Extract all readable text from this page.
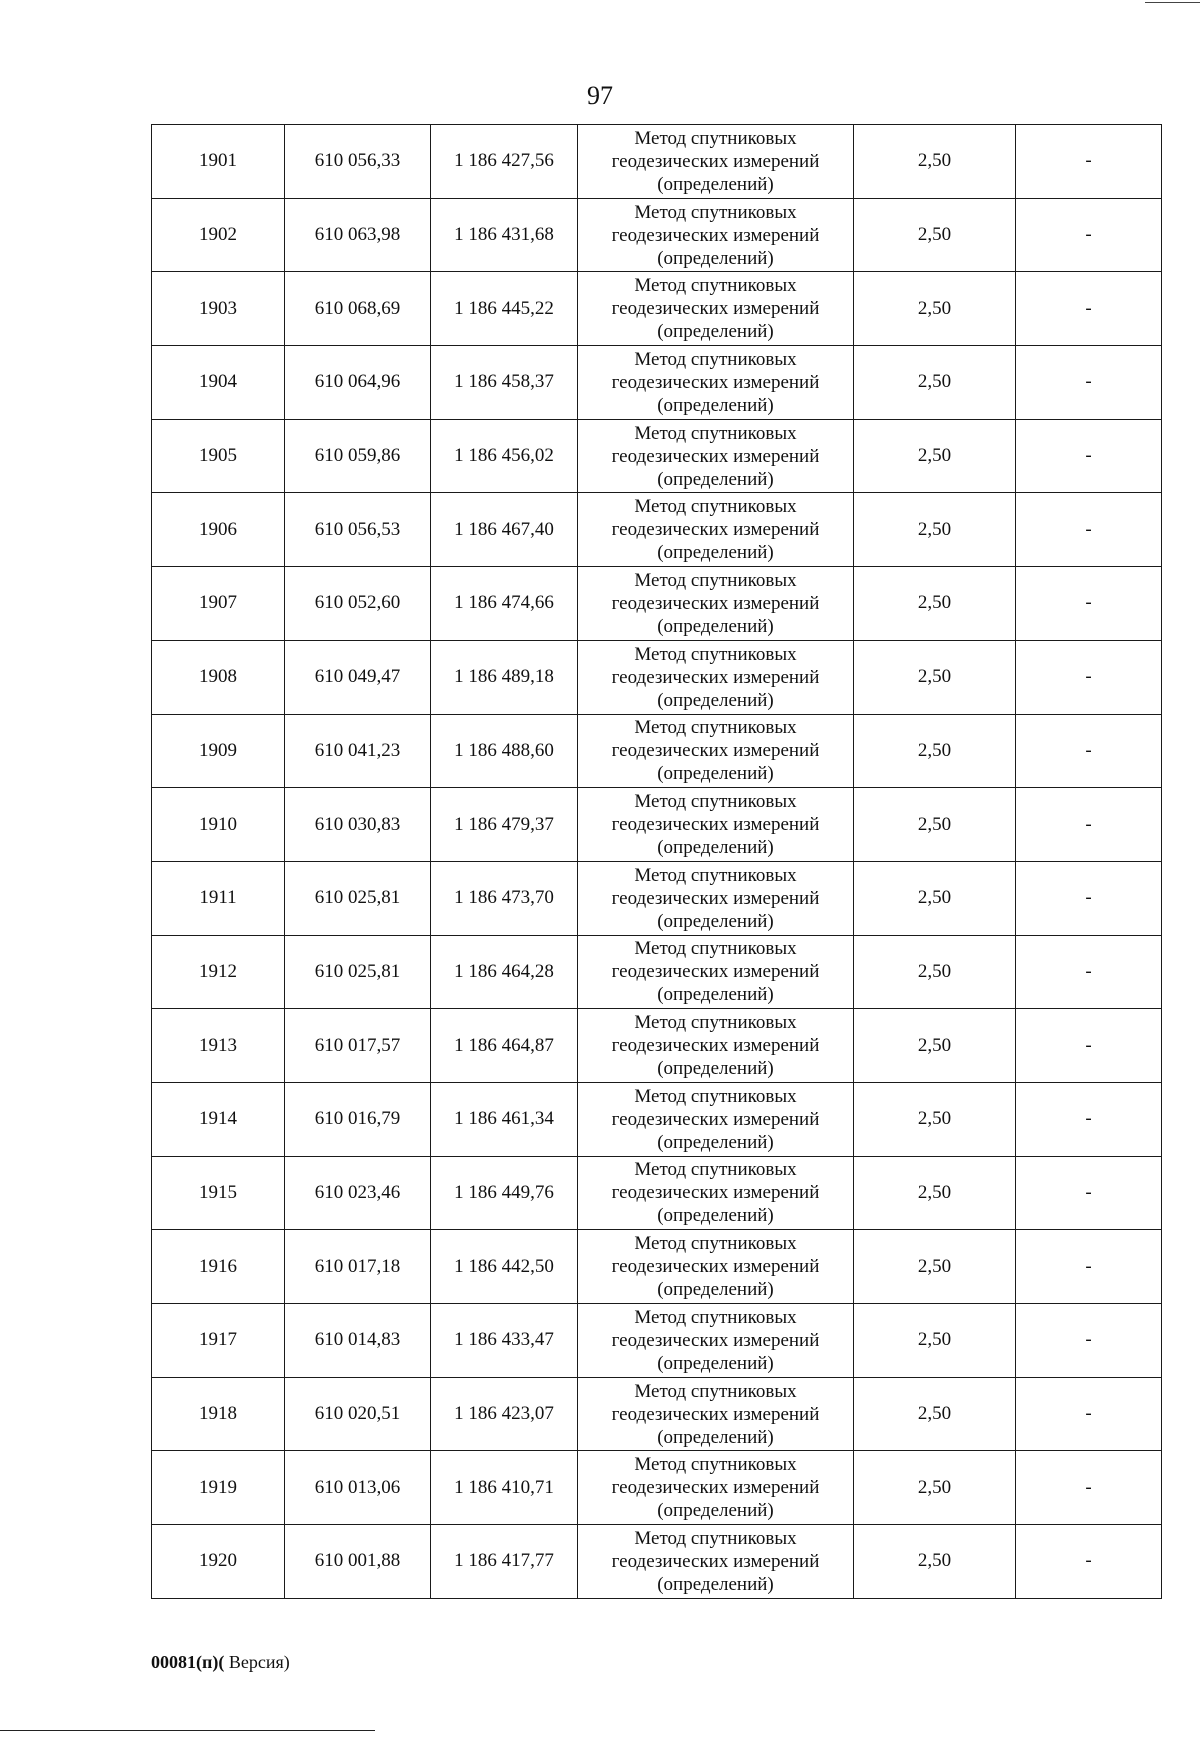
97
1901	610 056,33	1 186 427,56	Метод спутниковых
геодезических измерений
(определений)	2,50	-
1902	610 063,98	1 186 431,68	Метод спутниковых
геодезических измерений
(определений)	2,50	-
1903	610 068,69	1 186 445,22	Метод спутниковых
геодезических измерений
(определений)	2,50	-
1904	610 064,96	1 186 458,37	Метод спутниковых
геодезических измерений
(определений)	2,50	-
1905	610 059,86	1 186 456,02	Метод спутниковых
геодезических измерений
(определений)	2,50	-
1906	610 056,53	1 186 467,40	Метод спутниковых
геодезических измерений
(определений)	2,50	-
1907	610 052,60	1 186 474,66	Метод спутниковых
геодезических измерений
(определений)	2,50	-
1908	610 049,47	1 186 489,18	Метод спутниковых
геодезических измерений
(определений)	2,50	-
1909	610 041,23	1 186 488,60	Метод спутниковых
геодезических измерений
(определений)	2,50	-
1910	610 030,83	1 186 479,37	Метод спутниковых
геодезических измерений
(определений)	2,50	-
1911	610 025,81	1 186 473,70	Метод спутниковых
геодезических измерений
(определений)	2,50	-
1912	610 025,81	1 186 464,28	Метод спутниковых
геодезических измерений
(определений)	2,50	-
1913	610 017,57	1 186 464,87	Метод спутниковых
геодезических измерений
(определений)	2,50	-
1914	610 016,79	1 186 461,34	Метод спутниковых
геодезических измерений
(определений)	2,50	-
1915	610 023,46	1 186 449,76	Метод спутниковых
геодезических измерений
(определений)	2,50	-
1916	610 017,18	1 186 442,50	Метод спутниковых
геодезических измерений
(определений)	2,50	-
1917	610 014,83	1 186 433,47	Метод спутниковых
геодезических измерений
(определений)	2,50	-
1918	610 020,51	1 186 423,07	Метод спутниковых
геодезических измерений
(определений)	2,50	-
1919	610 013,06	1 186 410,71	Метод спутниковых
геодезических измерений
(определений)	2,50	-
1920	610 001,88	1 186 417,77	Метод спутниковых
геодезических измерений
(определений)	2,50	-
00081(п)( Версия)
